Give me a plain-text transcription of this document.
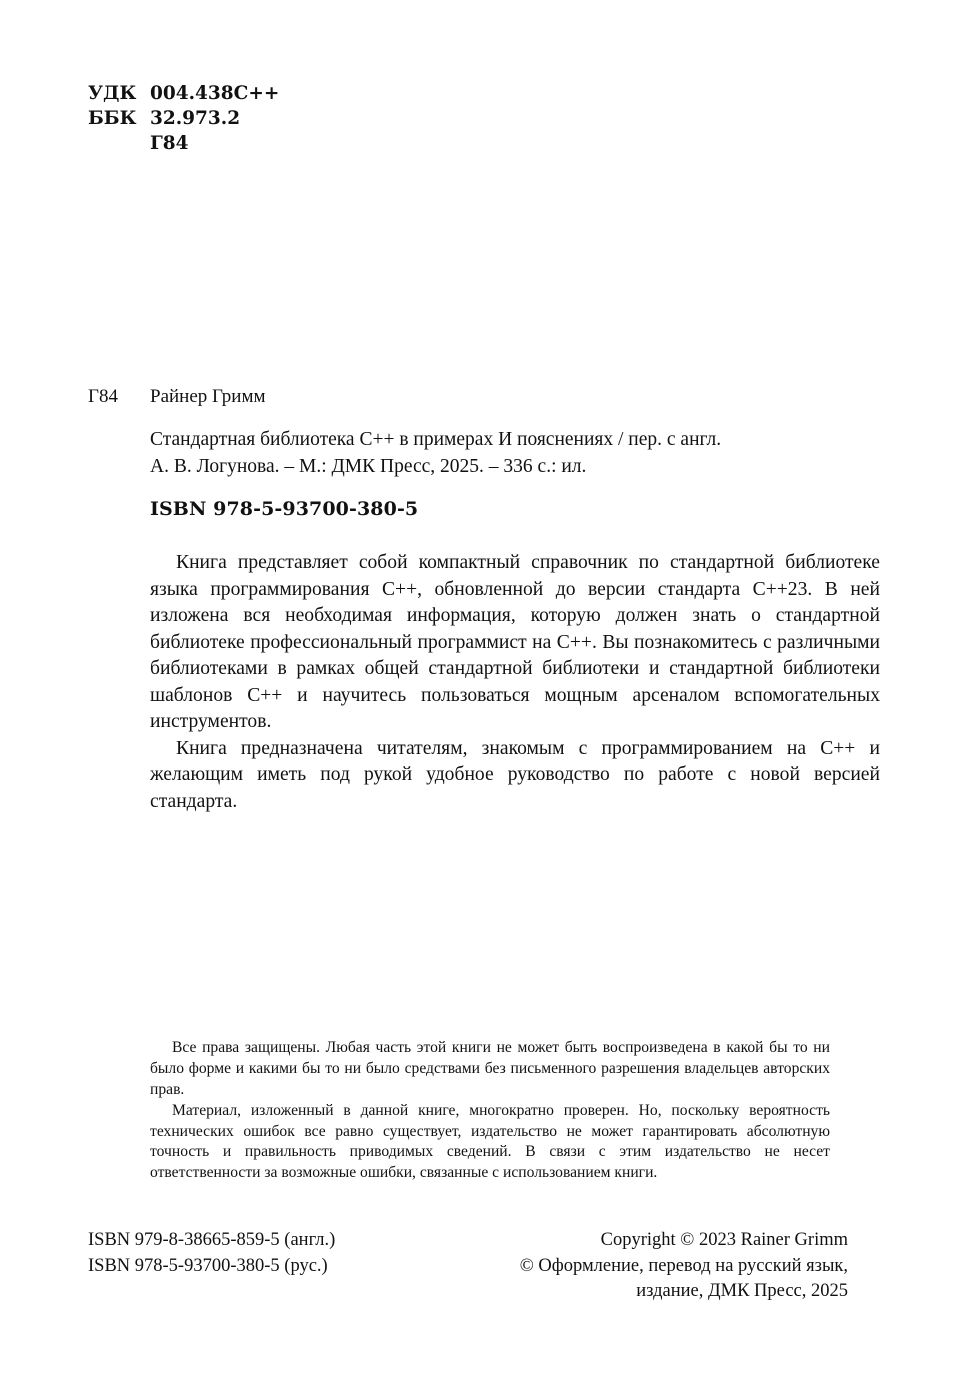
УДК 004.438С++
ББК 32.973.2
Г84
Г84	Райнер Гримм
Стандартная библиотека C++ в примерах И пояснениях / пер. с англ.
А. В. Логунова. – М.: ДМК Пресс, 2025. – 336 с.: ил.
ISBN 978-5-93700-380-5

Книга представляет собой компактный справочник по стандартной библиотеке языка программирования C++, обновленной до версии стандарта C++23. В ней изложена вся необходимая информация, которую должен знать о стандартной библиотеке профессиональный программист на C++. Вы познакомитесь с различными библиотеками в рамках общей стандартной библиотеки и стандартной библиотеки шаблонов C++ и научитесь пользоваться мощным арсеналом вспомогательных инструментов.

Книга предназначена читателям, знакомым с программированием на C++ и желающим иметь под рукой удобное руководство по работе с новой версией стандарта.

Все права защищены. Любая часть этой книги не может быть воспроизведена в какой бы то ни было форме и какими бы то ни было средствами без письменного разрешения владельцев авторских прав.

Материал, изложенный в данной книге, многократно проверен. Но, поскольку вероятность технических ошибок все равно существует, издательство не может гарантировать абсолютную точность и правильность приводимых сведений. В связи с этим издательство не несет ответственности за возможные ошибки, связанные с использованием книги.

ISBN 979-8-38665-859-5 (англ.)
ISBN 978-5-93700-380-5 (рус.)
Copyright © 2023 Rainer Grimm
© Оформление, перевод на русский язык,
издание, ДМК Пресс, 2025
